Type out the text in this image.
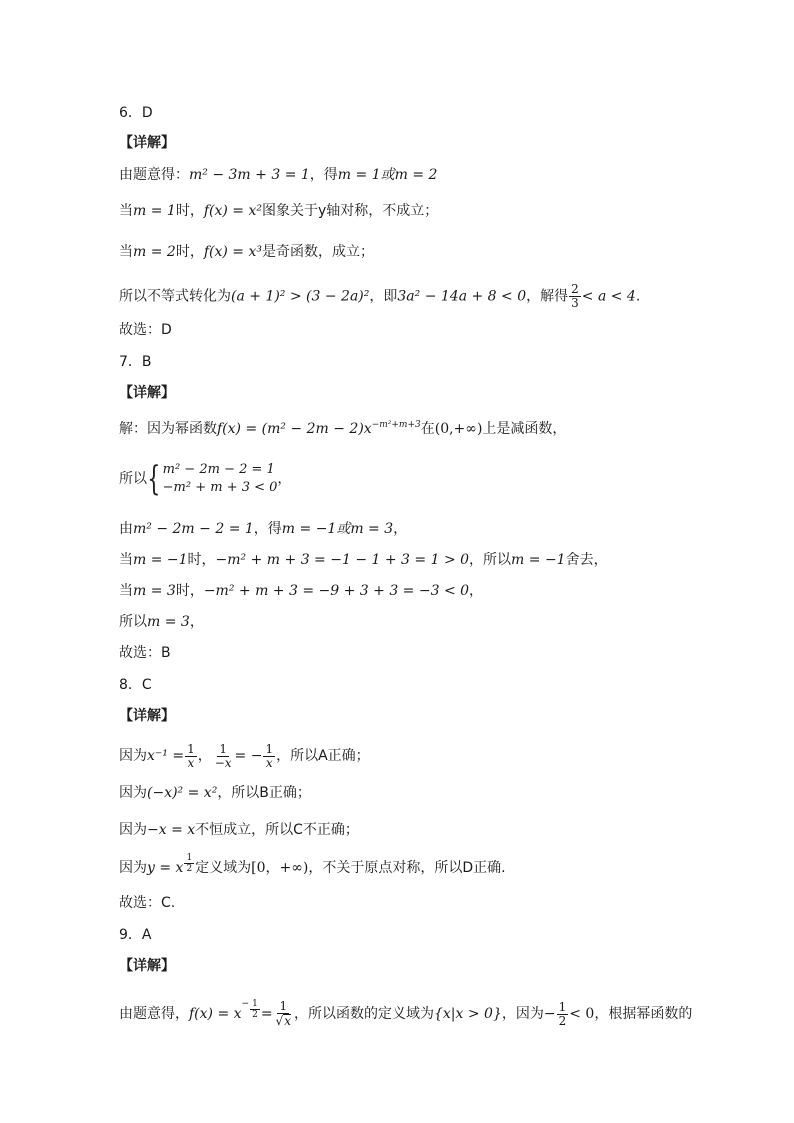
6．D
【详解】
由题意得：m² − 3m + 3 = 1，得m = 1或m = 2
当m = 1时，f(x) = x²图象关于y轴对称，不成立；
当m = 2时，f(x) = x³是奇函数，成立；
所以不等式转化为(a + 1)² > (3 − 2a)²，即3a² − 14a + 8 < 0，解得 $\frac{2}{3} < a < 4$.
故选：D
7．B
【详解】
解：因为幂函数$f(x) = (m^2 - 2m - 2)x^{-m^2+m+3}$在(0,+∞)上是减函数，
所以{ m² − 2m − 2 = 1
−m² + m + 3 < 0
，
由m² − 2m − 2 = 1，得m = −1或m = 3，
当m = −1时，−m² + m + 3 = −1 − 1 + 3 = 1 > 0，所以m = −1舍去，
当m = 3时，−m² + m + 3 = −9 + 3 + 3 = −3 < 0，
所以m = 3，
故选：B
8．C
【详解】
因为$x^{-1} = \frac{1}{x}$ ， $\frac{1}{-x}$ = − $\frac{1}{x}$ ，所以A正确；
因为(−x)² = x²，所以B正确；
因为−x = x不恒成立，所以C不正确；
因为y = x $\frac{1}{2}$ 定义域为[0，+∞)，不关于原点对称，所以D正确.
故选：C.
9．A
【详解】
由题意得，$f(x) = x^- \frac{1}{2} = \frac{1}{√x}$ ，所以函数的定义域为{x|x > 0}，因为− $\frac{1}{2} < 0$，根据幂函数的
